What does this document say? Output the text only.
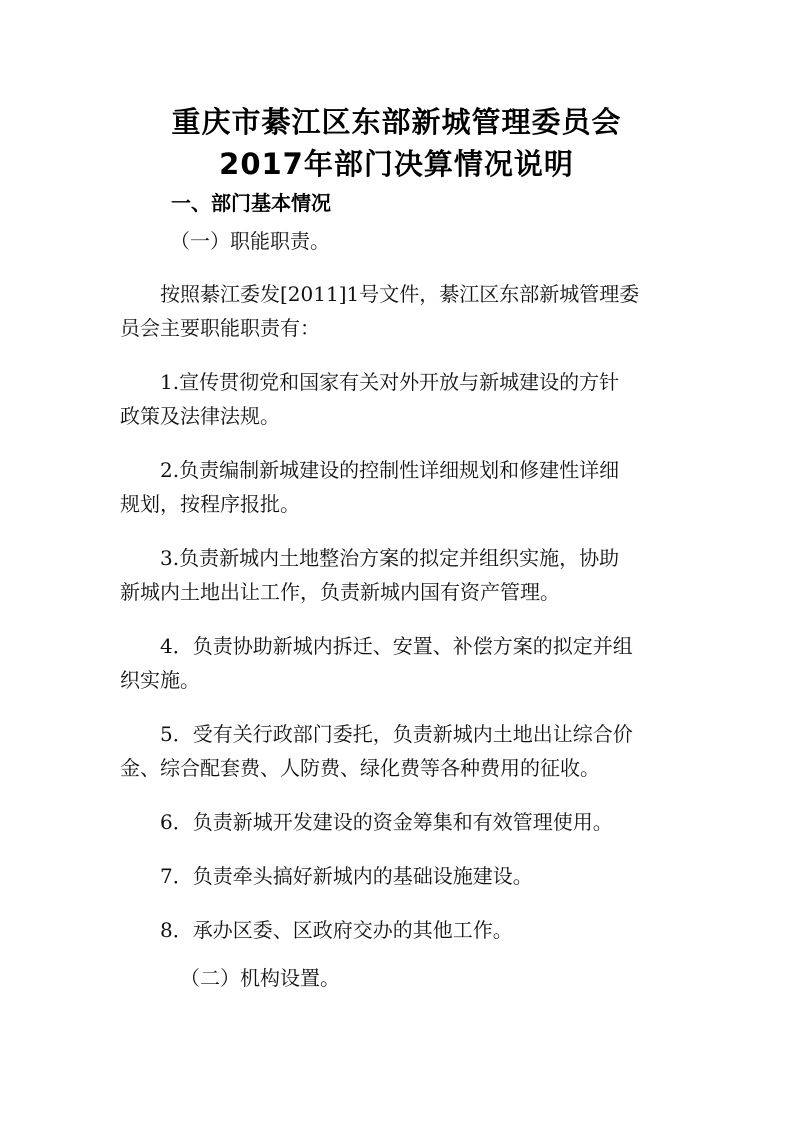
重庆市綦江区东部新城管理委员会
2017年部门决算情况说明
一、部门基本情况
（一）职能职责。
按照綦江委发[2011]1号文件，綦江区东部新城管理委
员会主要职能职责有：
1.宣传贯彻党和国家有关对外开放与新城建设的方针
政策及法律法规。
2.负责编制新城建设的控制性详细规划和修建性详细
规划，按程序报批。
3.负责新城内土地整治方案的拟定并组织实施，协助
新城内土地出让工作，负责新城内国有资产管理。
4．负责协助新城内拆迁、安置、补偿方案的拟定并组
织实施。
5．受有关行政部门委托，负责新城内土地出让综合价
金、综合配套费、人防费、绿化费等各种费用的征收。
6．负责新城开发建设的资金筹集和有效管理使用。
7．负责牵头搞好新城内的基础设施建设。
8．承办区委、区政府交办的其他工作。
（二）机构设置。
